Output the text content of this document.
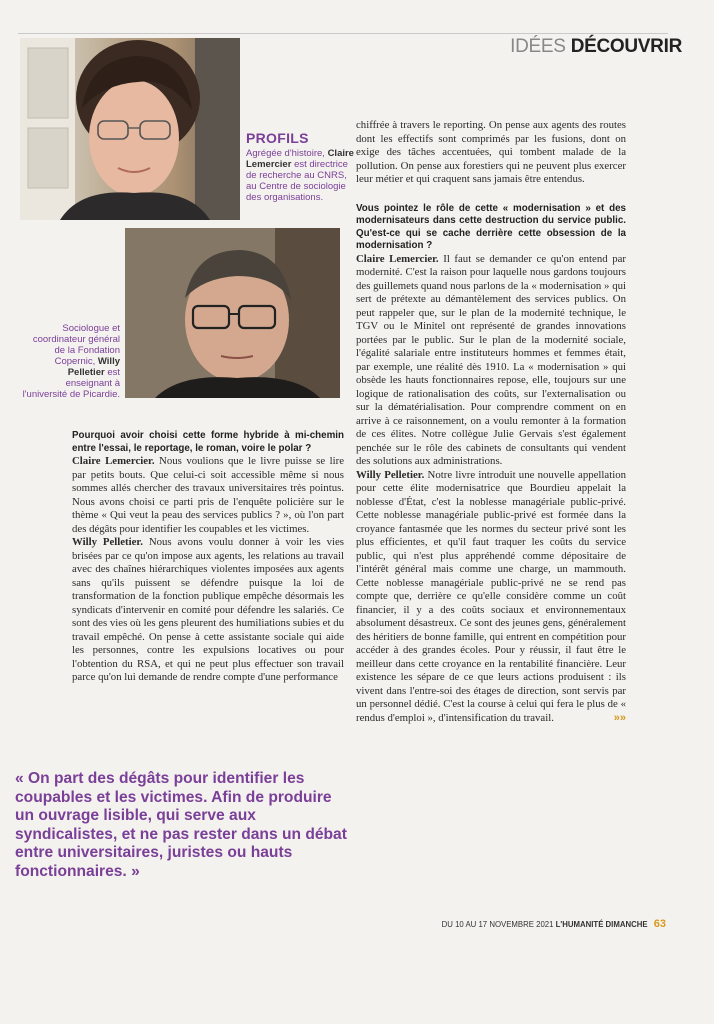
IDÉES DÉCOUVRIR
PROFILS

Agrégée d'histoire, Claire Lemercier est directrice de recherche au CNRS, au Centre de sociologie des organisations.

Sociologue et coordinateur général de la Fondation Copernic, Willy Pelletier est enseignant à l'université de Picardie.

Pourquoi avoir choisi cette forme hybride à mi-chemin entre l'essai, le reportage, le roman, voire le polar ?

Claire Lemercier. Nous voulions que le livre puisse se lire par petits bouts. Que celui-ci soit accessible même si nous sommes allés chercher des travaux universitaires très pointus. Nous avons choisi ce parti pris de l'enquête policière sur le thème « Qui veut la peau des services publics ? », où l'on part des dégâts pour identifier les coupables et les victimes.

Willy Pelletier. Nous avons voulu donner à voir les vies brisées par ce qu'on impose aux agents, les relations au travail avec des chaînes hiérarchiques violentes imposées aux agents sans qu'ils puissent se défendre puisque la loi de transformation de la fonction publique empêche désormais les syndicats d'intervenir en comité pour défendre les salariés. Ce sont des vies où les gens pleurent des humiliations subies et du travail empêché. On pense à cette assistante sociale qui aide les personnes, contre les expulsions locatives ou pour l'obtention du RSA, et qui ne peut plus effectuer son travail parce qu'on lui demande de rendre compte d'une performance

« On part des dégâts pour identifier les coupables et les victimes. Afin de produire un ouvrage lisible, qui serve aux syndicalistes, et ne pas rester dans un débat entre universitaires, juristes ou hauts fonctionnaires. »

chiffrée à travers le reporting. On pense aux agents des routes dont les effectifs sont comprimés par les fusions, dont on exige des tâches accentuées, qui tombent malade de la pollution. On pense aux forestiers qui ne peuvent plus exercer leur métier et qui craquent sans jamais être entendus.

Vous pointez le rôle de cette « modernisation » et des modernisateurs dans cette destruction du service public. Qu'est-ce qui se cache derrière cette obsession de la modernisation ?

Claire Lemercier. Il faut se demander ce qu'on entend par modernité. C'est la raison pour laquelle nous gardons toujours des guillemets quand nous parlons de la « modernisation » qui sert de prétexte au démantèlement des services publics. On peut rappeler que, sur le plan de la modernité technique, le TGV ou le Minitel ont représenté de grandes innovations portées par le public. Sur le plan de la modernité sociale, l'égalité salariale entre instituteurs hommes et femmes était, par exemple, une réalité dès 1910. La « modernisation » qui obsède les hauts fonctionnaires repose, elle, toujours sur une logique de rationalisation des coûts, sur l'externalisation ou sur la dématérialisation. Pour comprendre comment on en arrive à ce raisonnement, on a voulu remonter à la formation de ces élites. Notre collègue Julie Gervais s'est également penchée sur le rôle des cabinets de consultants qui vendent des solutions aux administrations.

Willy Pelletier. Notre livre introduit une nouvelle appellation pour cette élite modernisatrice que Bourdieu appelait la noblesse d'État, c'est la noblesse managériale public-privé. Cette noblesse managériale public-privé est formée dans la croyance fantasmée que les normes du secteur privé sont les plus efficientes, et qu'il faut traquer les coûts du service public, qui n'est plus appréhendé comme dépositaire de l'intérêt général mais comme une charge, un mammouth. Cette noblesse managériale public-privé ne se rend pas compte que, derrière ce qu'elle considère comme un coût financier, il y a des coûts sociaux et environnementaux absolument désastreux. Ce sont des jeunes gens, généralement des héritiers de bonne famille, qui entrent en compétition pour accéder à des grandes écoles. Pour y réussir, il faut être le meilleur dans cette croyance en la rentabilité financière. Leur existence les sépare de ce que leurs actions produisent : ils vivent dans l'entre-soi des étages de direction, sont servis par un personnel dédié. C'est la course à celui qui fera le plus de « rendus d'emploi », d'intensification du travail.	»»

DU 10 AU 17 NOVEMBRE 2021 L'HUMANITÉ DIMANCHE 63
